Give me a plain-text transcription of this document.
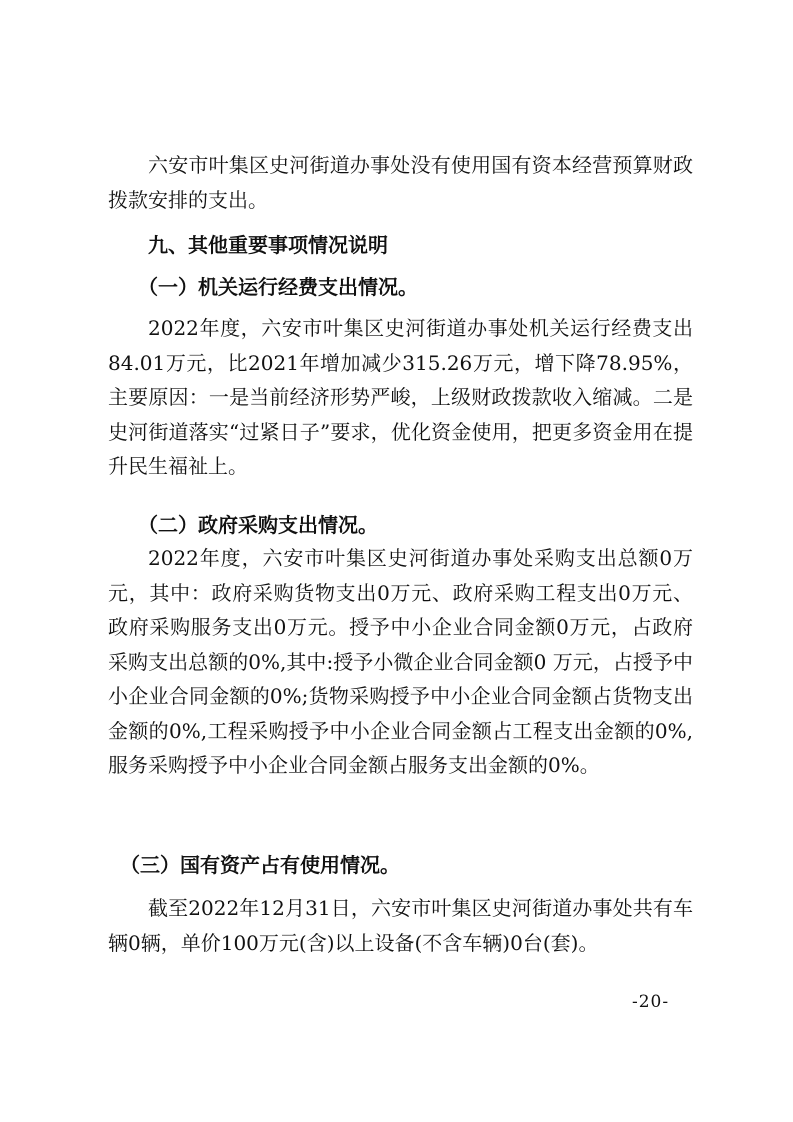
六安市叶集区史河街道办事处没有使用国有资本经营预算财政拨款安排的支出。

九、其他重要事项情况说明
（一）机关运行经费支出情况。

2022年度，六安市叶集区史河街道办事处机关运行经费支出84.01万元，比2021年增加减少315.26万元，增下降78.95%，主要原因：一是当前经济形势严峻，上级财政拨款收入缩减。二是史河街道落实“过紧日子”要求，优化资金使用，把更多资金用在提升民生福祉上。

（二）政府采购支出情况。

2022年度，六安市叶集区史河街道办事处采购支出总额0万元，其中：政府采购货物支出0万元、政府采购工程支出0万元、政府采购服务支出0万元。授予中小企业合同金额0万元，占政府采购支出总额的0%,其中:授予小微企业合同金额0 万元，占授予中小企业合同金额的0%;货物采购授予中小企业合同金额占货物支出金额的0%,工程采购授予中小企业合同金额占工程支出金额的0%,服务采购授予中小企业合同金额占服务支出金额的0%。

（三）国有资产占有使用情况。

截至2022年12月31日，六安市叶集区史河街道办事处共有车辆0辆，单价100万元(含)以上设备(不含车辆)0台(套)。

-20-
